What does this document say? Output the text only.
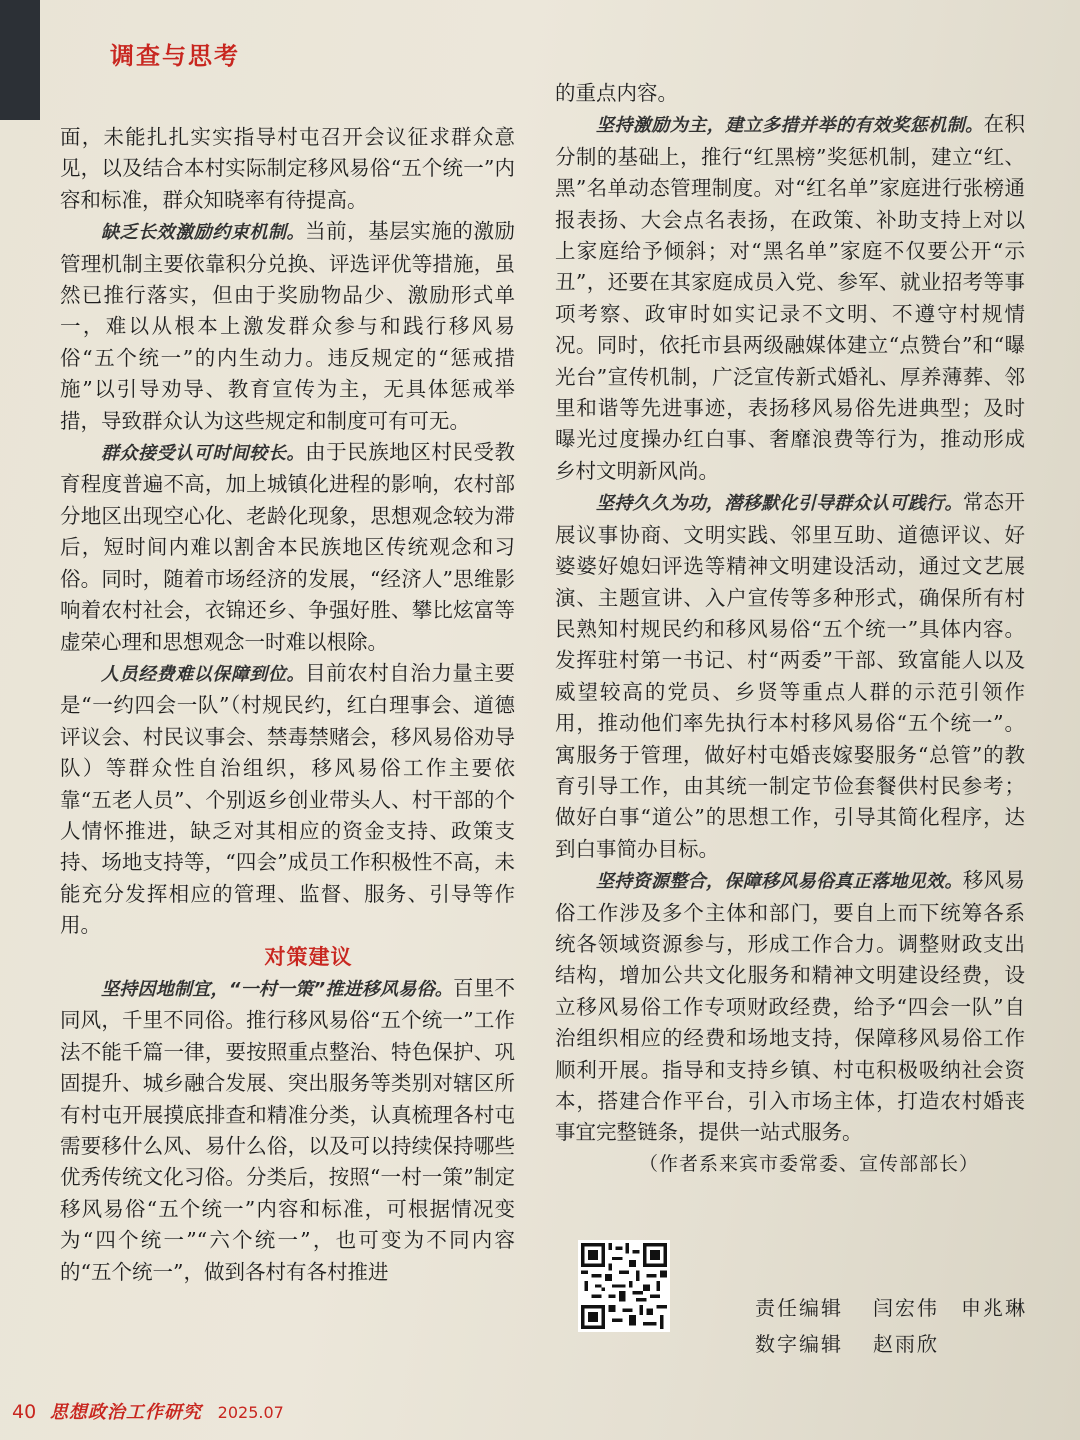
调查与思考

面，未能扎扎实实指导村屯召开会议征求群众意见，以及结合本村实际制定移风易俗“五个统一”内容和标准，群众知晓率有待提高。

缺乏长效激励约束机制。当前，基层实施的激励管理机制主要依靠积分兑换、评选评优等措施，虽然已推行落实，但由于奖励物品少、激励形式单一，难以从根本上激发群众参与和践行移风易俗“五个统一”的内生动力。违反规定的“惩戒措施”以引导劝导、教育宣传为主，无具体惩戒举措，导致群众认为这些规定和制度可有可无。

群众接受认可时间较长。由于民族地区村民受教育程度普遍不高，加上城镇化进程的影响，农村部分地区出现空心化、老龄化现象，思想观念较为滞后，短时间内难以割舍本民族地区传统观念和习俗。同时，随着市场经济的发展，“经济人”思维影响着农村社会，衣锦还乡、争强好胜、攀比炫富等虚荣心理和思想观念一时难以根除。

人员经费难以保障到位。目前农村自治力量主要是“一约四会一队”（村规民约，红白理事会、道德评议会、村民议事会、禁毒禁赌会，移风易俗劝导队）等群众性自治组织，移风易俗工作主要依靠“五老人员”、个别返乡创业带头人、村干部的个人情怀推进，缺乏对其相应的资金支持、政策支持、场地支持等，“四会”成员工作积极性不高，未能充分发挥相应的管理、监督、服务、引导等作用。

对策建议

坚持因地制宜，“一村一策”推进移风易俗。百里不同风，千里不同俗。推行移风易俗“五个统一”工作法不能千篇一律，要按照重点整治、特色保护、巩固提升、城乡融合发展、突出服务等类别对辖区所有村屯开展摸底排查和精准分类，认真梳理各村屯需要移什么风、易什么俗，以及可以持续保持哪些优秀传统文化习俗。分类后，按照“一村一策”制定移风易俗“五个统一”内容和标准，可根据情况变为“四个统一”“六个统一”，也可变为不同内容的“五个统一”，做到各村有各村推进

的重点内容。

坚持激励为主，建立多措并举的有效奖惩机制。在积分制的基础上，推行“红黑榜”奖惩机制，建立“红、黑”名单动态管理制度。对“红名单”家庭进行张榜通报表扬、大会点名表扬，在政策、补助支持上对以上家庭给予倾斜；对“黑名单”家庭不仅要公开“示丑”，还要在其家庭成员入党、参军、就业招考等事项考察、政审时如实记录不文明、不遵守村规情况。同时，依托市县两级融媒体建立“点赞台”和“曝光台”宣传机制，广泛宣传新式婚礼、厚养薄葬、邻里和谐等先进事迹，表扬移风易俗先进典型；及时曝光过度操办红白事、奢靡浪费等行为，推动形成乡村文明新风尚。

坚持久久为功，潜移默化引导群众认可践行。常态开展议事协商、文明实践、邻里互助、道德评议、好婆婆好媳妇评选等精神文明建设活动，通过文艺展演、主题宣讲、入户宣传等多种形式，确保所有村民熟知村规民约和移风易俗“五个统一”具体内容。发挥驻村第一书记、村“两委”干部、致富能人以及威望较高的党员、乡贤等重点人群的示范引领作用，推动他们率先执行本村移风易俗“五个统一”。寓服务于管理，做好村屯婚丧嫁娶服务“总管”的教育引导工作，由其统一制定节俭套餐供村民参考；做好白事“道公”的思想工作，引导其简化程序，达到白事简办目标。

坚持资源整合，保障移风易俗真正落地见效。移风易俗工作涉及多个主体和部门，要自上而下统筹各系统各领域资源参与，形成工作合力。调整财政支出结构，增加公共文化服务和精神文明建设经费，设立移风易俗工作专项财政经费，给予“四会一队”自治组织相应的经费和场地支持，保障移风易俗工作顺利开展。指导和支持乡镇、村屯积极吸纳社会资本，搭建合作平台，引入市场主体，打造农村婚丧事宜完整链条，提供一站式服务。

（作者系来宾市委常委、宣传部部长）

责任编辑 闫宏伟　申兆琳
数字编辑 赵雨欣
40 思想政治工作研究 2025.07
